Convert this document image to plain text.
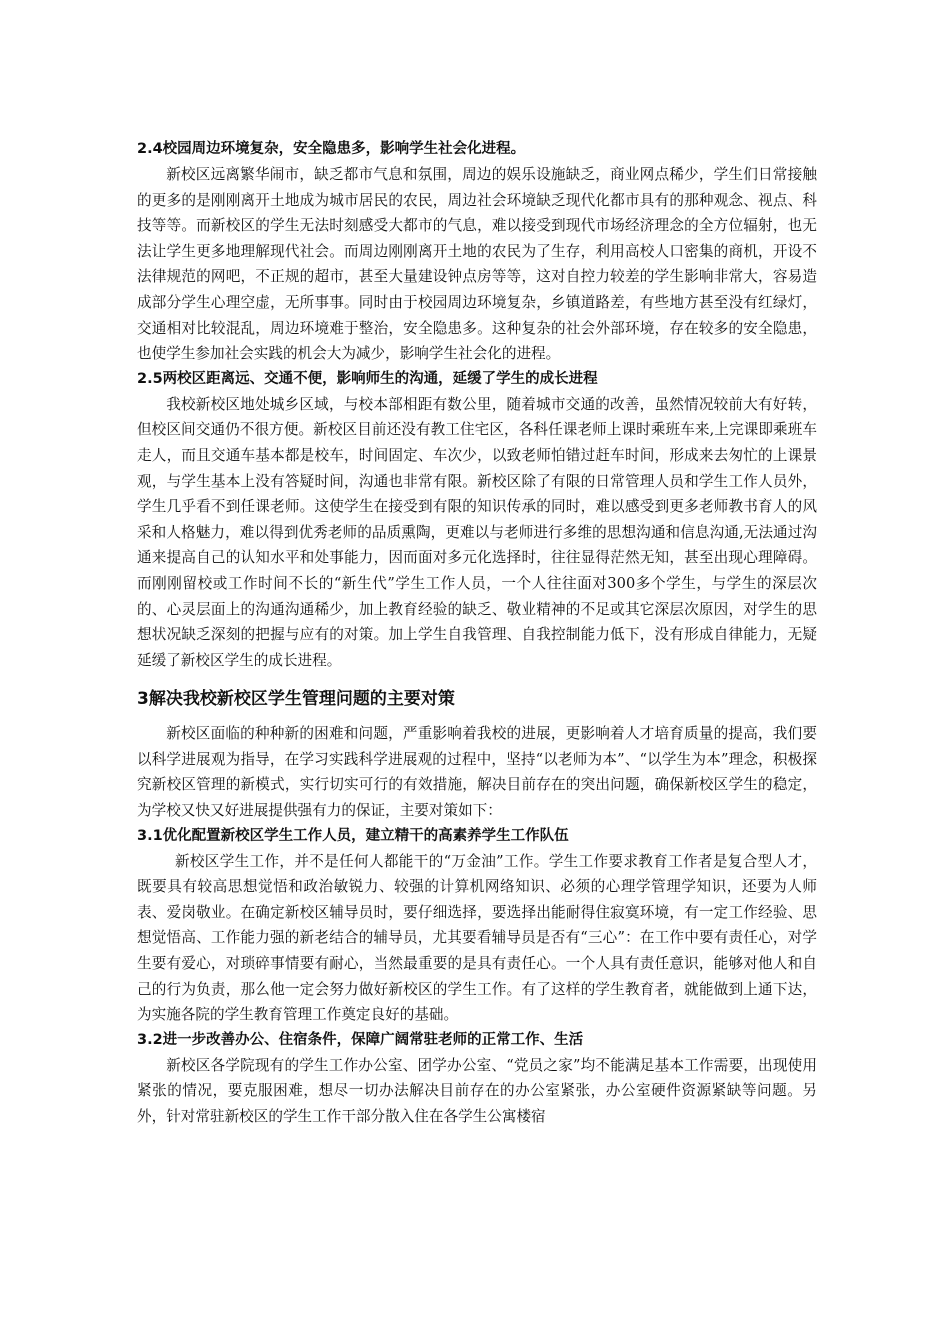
2.4校园周边环境复杂，安全隐患多，影响学生社会化进程。

新校区远离繁华闹市，缺乏都市气息和氛围，周边的娱乐设施缺乏，商业网点稀少，学生们日常接触的更多的是刚刚离开土地成为城市居民的农民，周边社会环境缺乏现代化都市具有的那种观念、视点、科技等等。而新校区的学生无法时刻感受大都市的气息，难以接受到现代市场经济理念的全方位辐射，也无法让学生更多地理解现代社会。而周边刚刚离开土地的农民为了生存，利用高校人口密集的商机，开设不法律规范的网吧，不正规的超市，甚至大量建设钟点房等等，这对自控力较差的学生影响非常大，容易造成部分学生心理空虚，无所事事。同时由于校园周边环境复杂，乡镇道路差，有些地方甚至没有红绿灯，交通相对比较混乱，周边环境难于整治，安全隐患多。这种复杂的社会外部环境，存在较多的安全隐患，也使学生参加社会实践的机会大为减少，影响学生社会化的进程。

2.5两校区距离远、交通不便，影响师生的沟通，延缓了学生的成长进程

我校新校区地处城乡区域，与校本部相距有数公里，随着城市交通的改善，虽然情况较前大有好转，但校区间交通仍不很方便。新校区目前还没有教工住宅区，各科任课老师上课时乘班车来,上完课即乘班车走人，而且交通车基本都是校车，时间固定、车次少，以致老师怕错过赶车时间，形成来去匆忙的上课景观，与学生基本上没有答疑时间，沟通也非常有限。新校区除了有限的日常管理人员和学生工作人员外，学生几乎看不到任课老师。这使学生在接受到有限的知识传承的同时，难以感受到更多老师教书育人的风采和人格魅力，难以得到优秀老师的品质熏陶，更难以与老师进行多维的思想沟通和信息沟通,无法通过沟通来提高自己的认知水平和处事能力，因而面对多元化选择时，往往显得茫然无知，甚至出现心理障碍。而刚刚留校或工作时间不长的“新生代”学生工作人员，一个人往往面对300多个学生，与学生的深层次的、心灵层面上的沟通沟通稀少，加上教育经验的缺乏、敬业精神的不足或其它深层次原因，对学生的思想状况缺乏深刻的把握与应有的对策。加上学生自我管理、自我控制能力低下，没有形成自律能力，无疑延缓了新校区学生的成长进程。

3解决我校新校区学生管理问题的主要对策

新校区面临的种种新的困难和问题，严重影响着我校的进展，更影响着人才培育质量的提高，我们要以科学进展观为指导，在学习实践科学进展观的过程中，坚持“以老师为本”、“以学生为本”理念，积极探究新校区管理的新模式，实行切实可行的有效措施，解决目前存在的突出问题，确保新校区学生的稳定，为学校又快又好进展提供强有力的保证，主要对策如下：

3.1优化配置新校区学生工作人员，建立精干的高素养学生工作队伍

新校区学生工作，并不是任何人都能干的“万金油”工作。学生工作要求教育工作者是复合型人才，既要具有较高思想觉悟和政治敏锐力、较强的计算机网络知识、必须的心理学管理学知识，还要为人师表、爱岗敬业。在确定新校区辅导员时，要仔细选择，要选择出能耐得住寂寞环境，有一定工作经验、思想觉悟高、工作能力强的新老结合的辅导员，尤其要看辅导员是否有“三心”：在工作中要有责任心，对学生要有爱心，对琐碎事情要有耐心，当然最重要的是具有责任心。一个人具有责任意识，能够对他人和自己的行为负责，那么他一定会努力做好新校区的学生工作。有了这样的学生教育者，就能做到上通下达，为实施各院的学生教育管理工作奠定良好的基础。

3.2进一步改善办公、住宿条件，保障广阔常驻老师的正常工作、生活

新校区各学院现有的学生工作办公室、团学办公室、“党员之家”均不能满足基本工作需要，出现使用紧张的情况，要克服困难，想尽一切办法解决目前存在的办公室紧张，办公室硬件资源紧缺等问题。另外，针对常驻新校区的学生工作干部分散入住在各学生公寓楼宿
